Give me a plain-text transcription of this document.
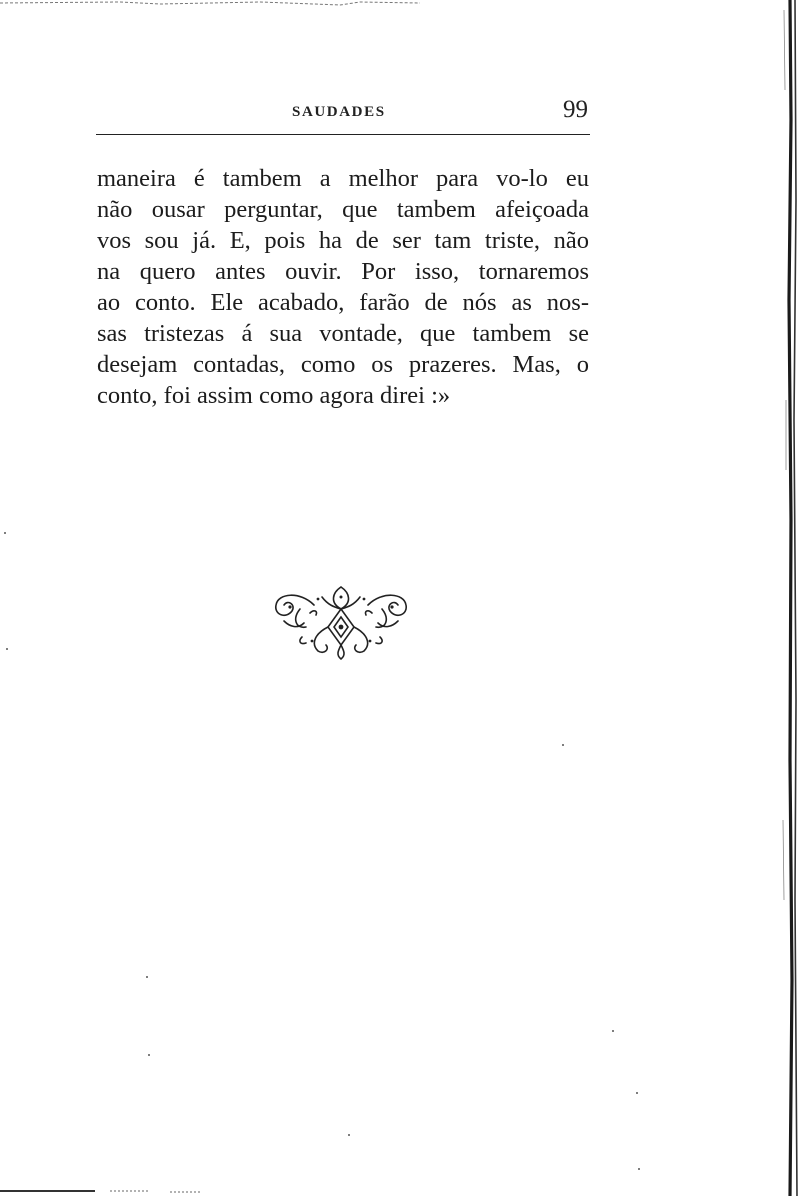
SAUDADES	99
maneira é tambem a melhor para vo-lo eu
não ousar perguntar, que tambem afeiçoada
vos sou já. E, pois ha de ser tam triste, não
na quero antes ouvir. Por isso, tornaremos
ao conto. Ele acabado, farão de nós as nos-
sas tristezas á sua vontade, que tambem se
desejam contadas, como os prazeres. Mas, o
conto, foi assim como agora direi :»
